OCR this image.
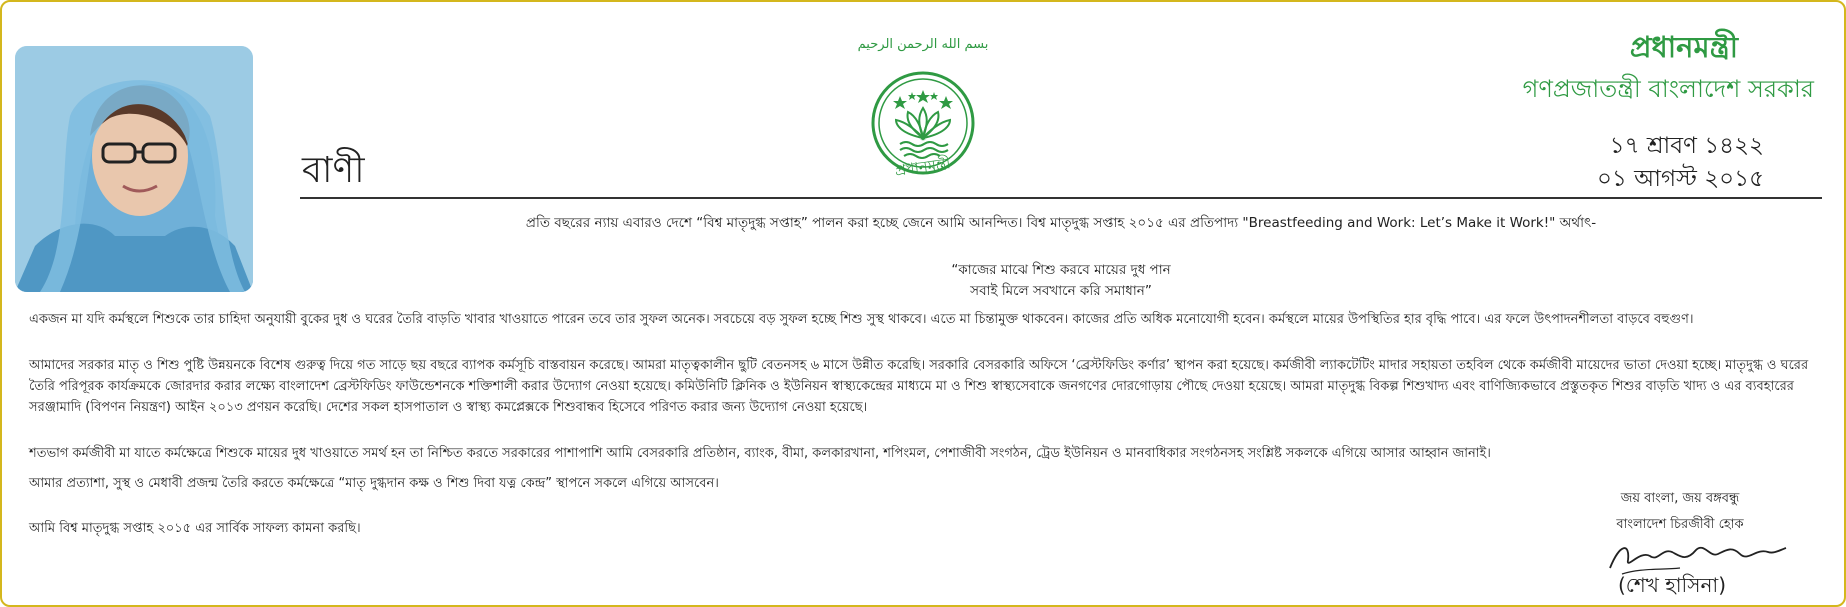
بسم الله الرحمن الرحيم
প্রধানমন্ত্রী
বাণী
প্রধানমন্ত্রী
গণপ্রজাতন্ত্রী বাংলাদেশ সরকার
১৭ শ্রাবণ ১৪২২
০১ আগস্ট ২০১৫
প্রতি বছরের ন্যায় এবারও দেশে “বিশ্ব মাতৃদুগ্ধ সপ্তাহ” পালন করা হচ্ছে জেনে আমি আনন্দিত। বিশ্ব মাতৃদুগ্ধ সপ্তাহ ২০১৫ এর প্রতিপাদ্য "Breastfeeding and Work: Let’s Make it Work!" অর্থাৎ-
“কাজের মাঝে শিশু করবে মায়ের দুধ পান
সবাই মিলে সবখানে করি সমাধান”
একজন মা যদি কর্মস্থলে শিশুকে তার চাহিদা অনুযায়ী বুকের দুধ ও ঘরের তৈরি বাড়তি খাবার খাওয়াতে পারেন তবে তার সুফল অনেক। সবচেয়ে বড় সুফল হচ্ছে শিশু সুস্থ থাকবে। এতে মা চিন্তামুক্ত থাকবেন। কাজের প্রতি অধিক মনোযোগী হবেন। কর্মস্থলে মায়ের উপস্থিতির হার বৃদ্ধি পাবে। এর ফলে উৎপাদনশীলতা বাড়বে বহুগুণ।
আমাদের সরকার মাতৃ ও শিশু পুষ্টি উন্নয়নকে বিশেষ গুরুত্ব দিয়ে গত সাড়ে ছয় বছরে ব্যাপক কর্মসূচি বাস্তবায়ন করেছে। আমরা মাতৃত্বকালীন ছুটি বেতনসহ ৬ মাসে উন্নীত করেছি। সরকারি বেসরকারি অফিসে ‘ব্রেস্টফিডিং কর্ণার’ স্থাপন করা হয়েছে। কর্মজীবী ল্যাকটেটিং মাদার সহায়তা তহবিল থেকে কর্মজীবী মায়েদের ভাতা দেওয়া হচ্ছে। মাতৃদুগ্ধ ও ঘরের তৈরি পরিপূরক কার্যক্রমকে জোরদার করার লক্ষ্যে বাংলাদেশ ব্রেস্টফিডিং ফাউন্ডেশনকে শক্তিশালী করার উদ্যোগ নেওয়া হয়েছে। কমিউনিটি ক্লিনিক ও ইউনিয়ন স্বাস্থ্যকেন্দ্রের মাধ্যমে মা ও শিশু স্বাস্থ্যসেবাকে জনগণের দোরগোড়ায় পৌছে দেওয়া হয়েছে। আমরা মাতৃদুগ্ধ বিকল্প শিশুখাদ্য এবং বাণিজ্যিকভাবে প্রস্তুতকৃত শিশুর বাড়তি খাদ্য ও এর ব্যবহারের সরঞ্জামাদি (বিপণন নিয়ন্ত্রণ) আইন ২০১৩ প্রণয়ন করেছি। দেশের সকল হাসপাতাল ও স্বাস্থ্য কমপ্লেক্সকে শিশুবান্ধব হিসেবে পরিণত করার জন্য উদ্যোগ নেওয়া হয়েছে।
শতভাগ কর্মজীবী মা যাতে কর্মক্ষেত্রে শিশুকে মায়ের দুধ খাওয়াতে সমর্থ হন তা নিশ্চিত করতে সরকারের পাশাপাশি আমি বেসরকারি প্রতিষ্ঠান, ব্যাংক, বীমা, কলকারখানা, শপিংমল, পেশাজীবী সংগঠন, ট্রেড ইউনিয়ন ও মানবাধিকার সংগঠনসহ সংশ্লিষ্ট সকলকে এগিয়ে আসার আহ্বান জানাই।
আমার প্রত্যাশা, সুস্থ ও মেধাবী প্রজন্ম তৈরি করতে কর্মক্ষেত্রে “মাতৃ দুগ্ধদান কক্ষ ও শিশু দিবা যত্ন কেন্দ্র” স্থাপনে সকলে এগিয়ে আসবেন।
আমি বিশ্ব মাতৃদুগ্ধ সপ্তাহ ২০১৫ এর সার্বিক সাফল্য কামনা করছি।
জয় বাংলা, জয় বঙ্গবন্ধু
বাংলাদেশ চিরজীবী হোক
(শেখ হাসিনা)
